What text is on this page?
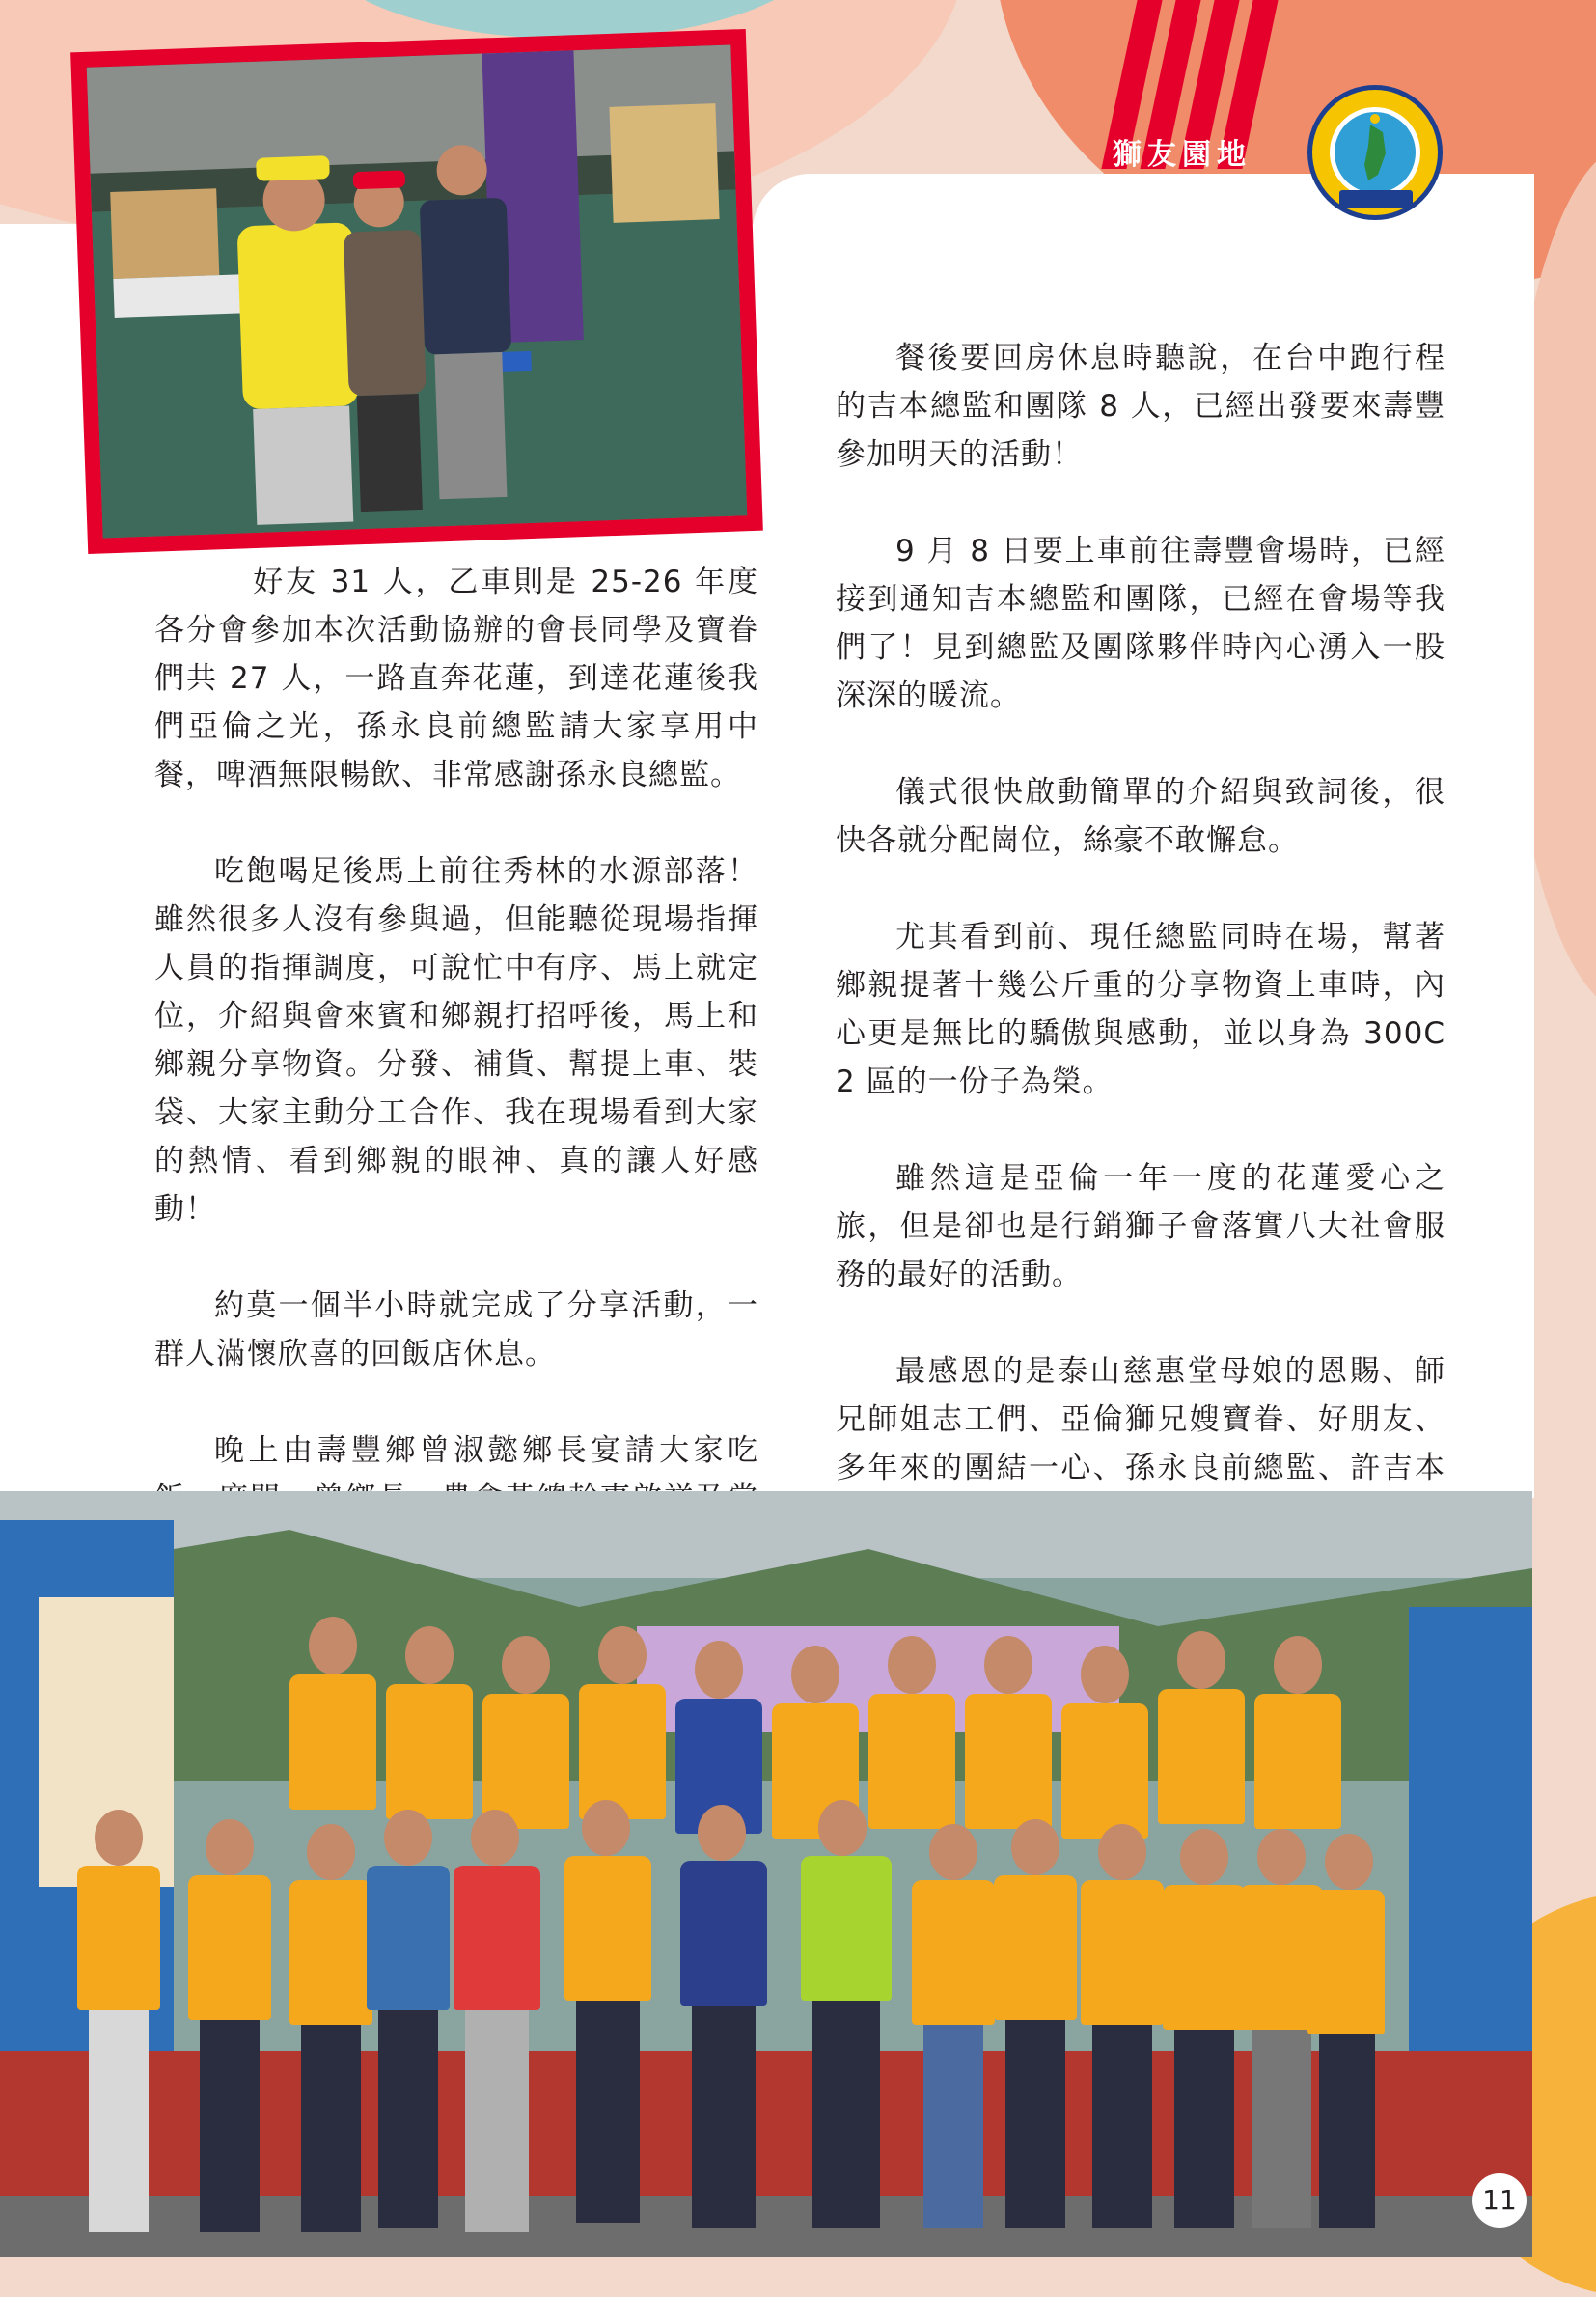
獅友園地

好友 31 人，乙車則是 25-26 年度各分會參加本次活動協辦的會長同學及寶眷們共 27 人，一路直奔花蓮，到達花蓮後我們亞倫之光，孫永良前總監請大家享用中餐，啤酒無限暢飲、非常感謝孫永良總監。

吃飽喝足後馬上前往秀林的水源部落！雖然很多人沒有參與過，但能聽從現場指揮人員的指揮調度，可說忙中有序、馬上就定位，介紹與會來賓和鄉親打招呼後，馬上和鄉親分享物資。分發、補貨、幫提上車、裝袋、大家主動分工合作、我在現場看到大家的熱情、看到鄉親的眼神、真的讓人好感動！

約莫一個半小時就完成了分享活動，一群人滿懷欣喜的回飯店休息。

晚上由壽豐鄉曾淑懿鄉長宴請大家吃

餐後要回房休息時聽說，在台中跑行程的吉本總監和團隊 8 人，已經出發要來壽豐參加明天的活動！

9 月 8 日要上車前往壽豐會場時，已經接到通知吉本總監和團隊，已經在會場等我們了！見到總監及團隊夥伴時內心湧入一股深深的暖流。

儀式很快啟動簡單的介紹與致詞後，很快各就分配崗位，絲豪不敢懈怠。

尤其看到前、現任總監同時在場，幫著鄉親提著十幾公斤重的分享物資上車時，內心更是無比的驕傲與感動，並以身為 300C 2 區的一份子為榮。

雖然這是亞倫一年一度的花蓮愛心之旅，但是卻也是行銷獅子會落實八大社會服務的最好的活動。

最感恩的是泰山慈惠堂母娘的恩賜、師兄師姐志工們、亞倫獅兄嫂寶眷、好朋友、多年來的團結一心、孫永良前總監、許吉本

11
